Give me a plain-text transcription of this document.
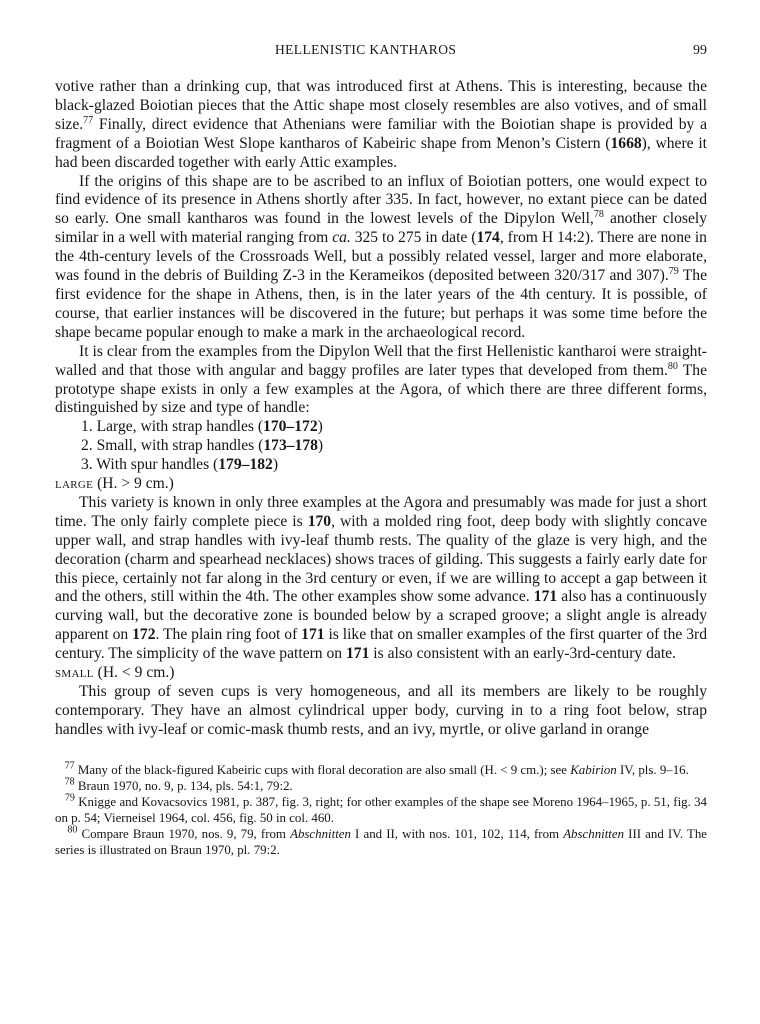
HELLENISTIC KANTHAROS	99

votive rather than a drinking cup, that was introduced first at Athens. This is interesting, because the black-glazed Boiotian pieces that the Attic shape most closely resembles are also votives, and of small size.$^{77}$ Finally, direct evidence that Athenians were familiar with the Boiotian shape is provided by a fragment of a Boiotian West Slope kantharos of Kabeiric shape from Menon’s Cistern (1668), where it had been discarded together with early Attic examples.

If the origins of this shape are to be ascribed to an influx of Boiotian potters, one would expect to find evidence of its presence in Athens shortly after 335. In fact, however, no extant piece can be dated so early. One small kantharos was found in the lowest levels of the Dipylon Well,$^{78}$ another closely similar in a well with material ranging from ca. 325 to 275 in date (174, from H 14:2). There are none in the 4th-century levels of the Crossroads Well, but a possibly related vessel, larger and more elaborate, was found in the debris of Building Z-3 in the Kerameikos (deposited between 320/317 and 307).$^{79}$ The first evidence for the shape in Athens, then, is in the later years of the 4th century. It is possible, of course, that earlier instances will be discovered in the future; but perhaps it was some time before the shape became popular enough to make a mark in the archaeological record.

It is clear from the examples from the Dipylon Well that the first Hellenistic kantharoi were straight-walled and that those with angular and baggy profiles are later types that developed from them.$^{80}$ The prototype shape exists in only a few examples at the Agora, of which there are three different forms, distinguished by size and type of handle:

1. Large, with strap handles (170–172)
2. Small, with strap handles (173–178)
3. With spur handles (179–182)

large (H. > 9 cm.)

This variety is known in only three examples at the Agora and presumably was made for just a short time. The only fairly complete piece is 170, with a molded ring foot, deep body with slightly concave upper wall, and strap handles with ivy-leaf thumb rests. The quality of the glaze is very high, and the decoration (charm and spearhead necklaces) shows traces of gilding. This suggests a fairly early date for this piece, certainly not far along in the 3rd century or even, if we are willing to accept a gap between it and the others, still within the 4th. The other examples show some advance. 171 also has a continuously curving wall, but the decorative zone is bounded below by a scraped groove; a slight angle is already apparent on 172. The plain ring foot of 171 is like that on smaller examples of the first quarter of the 3rd century. The simplicity of the wave pattern on 171 is also consistent with an early-3rd-century date.

small (H. < 9 cm.)

This group of seven cups is very homogeneous, and all its members are likely to be roughly contemporary. They have an almost cylindrical upper body, curving in to a ring foot below, strap handles with ivy-leaf or comic-mask thumb rests, and an ivy, myrtle, or olive garland in orange

$^{77}$ Many of the black-figured Kabeiric cups with floral decoration are also small (H. < 9 cm.); see Kabirion IV, pls. 9–16.

$^{78}$ Braun 1970, no. 9, p. 134, pls. 54:1, 79:2.

$^{79}$ Knigge and Kovacsovics 1981, p. 387, fig. 3, right; for other examples of the shape see Moreno 1964–1965, p. 51, fig. 34 on p. 54; Vierneisel 1964, col. 456, fig. 50 in col. 460.

$^{80}$ Compare Braun 1970, nos. 9, 79, from Abschnitten I and II, with nos. 101, 102, 114, from Abschnitten III and IV. The series is illustrated on Braun 1970, pl. 79:2.
